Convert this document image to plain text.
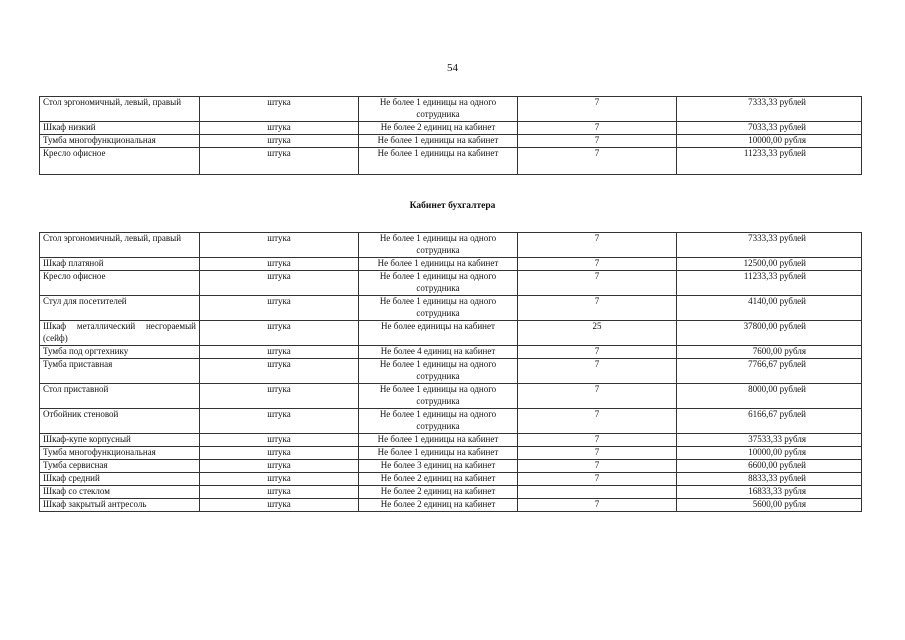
54
Стол эргономичный, левый, правый	штука	Не более 1 единицы на одного сотрудника	7	7333,33 рублей
Шкаф низкий	штука	Не более 2 единиц на кабинет	7	7033,33 рублей
Тумба многофункциональная	штука	Не более 1 единицы на кабинет	7	10000,00 рубля
Кресло офисное	штука	Не более 1 единицы на кабинет	7	11233,33 рублей
Кабинет бухгалтера
Стол эргономичный, левый, правый	штука	Не более 1 единицы на одного сотрудника	7	7333,33 рублей
Шкаф платяной	штука	Не более 1 единицы на кабинет	7	12500,00 рублей
Кресло офисное	штука	Не более 1 единицы на одного сотрудника	7	11233,33 рублей
Стул для посетителей	штука	Не более 1 единицы на одного сотрудника	7	4140,00 рублей
Шкаф металлический несгораемый (сейф)	штука	Не более единицы на кабинет	25	37800,00 рублей
Тумба под оргтехнику	штука	Не более 4 единиц на кабинет	7	7600,00 рубля
Тумба приставная	штука	Не более 1 единицы на одного сотрудника	7	7766,67 рублей
Стол приставной	штука	Не более 1 единицы на одного сотрудника	7	8000,00 рублей
Отбойник стеновой	штука	Не более 1 единицы на одного сотрудника	7	6166,67 рублей
Шкаф-купе корпусный	штука	Не более 1 единицы на кабинет	7	37533,33 рубля
Тумба многофункциональная	штука	Не более 1 единицы на кабинет	7	10000,00 рубля
Тумба сервисная	штука	Не более 3 единиц на кабинет	7	6600,00 рублей
Шкаф средний	штука	Не более 2 единиц на кабинет	7	8833,33 рублей
Шкаф со стеклом	штука	Не более 2 единиц на кабинет		16833,33 рубля
Шкаф закрытый антресоль	штука	Не более 2 единиц на кабинет	7	5600,00 рубля
